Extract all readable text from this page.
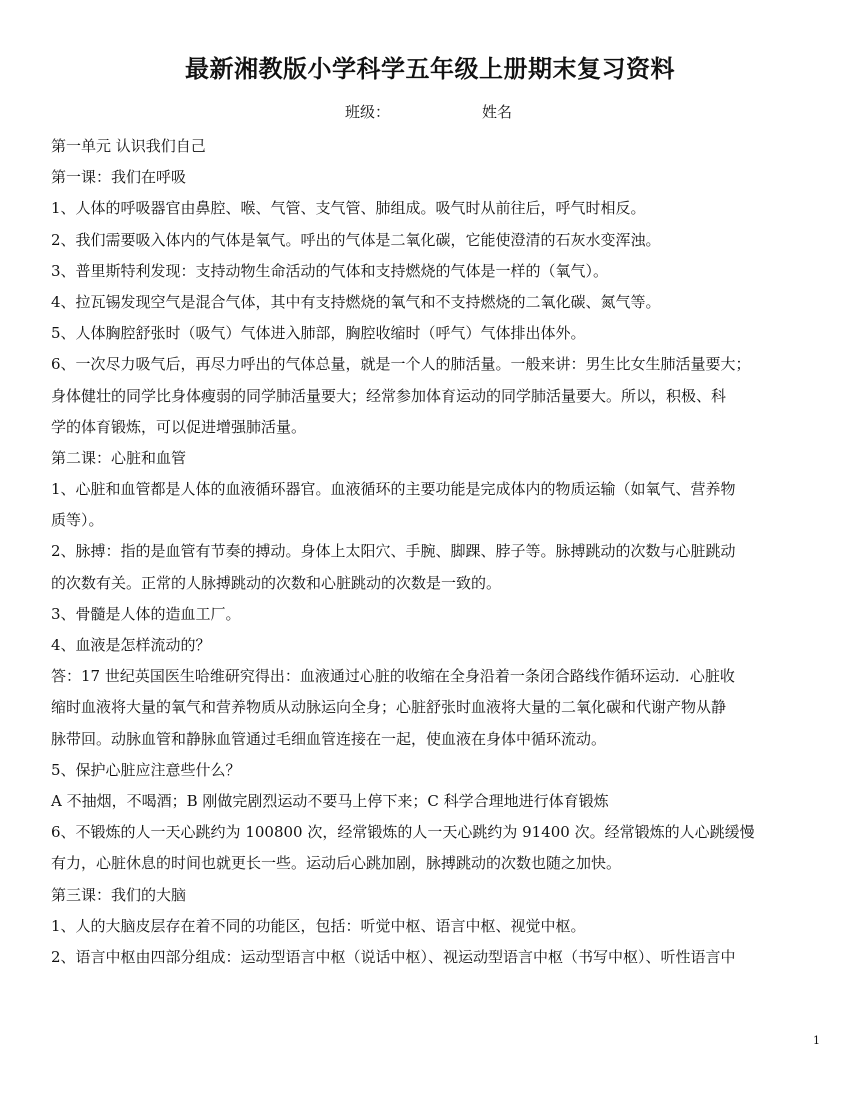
最新湘教版小学科学五年级上册期末复习资料
班级：	姓名
第一单元 认识我们自己
第一课：我们在呼吸
1、人体的呼吸器官由鼻腔、喉、气管、支气管、肺组成。吸气时从前往后，呼气时相反。
2、我们需要吸入体内的气体是氧气。呼出的气体是二氧化碳，它能使澄清的石灰水变浑浊。
3、普里斯特利发现：支持动物生命活动的气体和支持燃烧的气体是一样的（氧气）。
4、拉瓦锡发现空气是混合气体，其中有支持燃烧的氧气和不支持燃烧的二氧化碳、氮气等。
5、人体胸腔舒张时（吸气）气体进入肺部，胸腔收缩时（呼气）气体排出体外。
6、一次尽力吸气后，再尽力呼出的气体总量，就是一个人的肺活量。一般来讲：男生比女生肺活量要大；
身体健壮的同学比身体瘦弱的同学肺活量要大；经常参加体育运动的同学肺活量要大。所以，积极、科
学的体育锻炼，可以促进增强肺活量。
第二课：心脏和血管
1、心脏和血管都是人体的血液循环器官。血液循环的主要功能是完成体内的物质运输（如氧气、营养物
质等）。
2、脉搏：指的是血管有节奏的搏动。身体上太阳穴、手腕、脚踝、脖子等。脉搏跳动的次数与心脏跳动
的次数有关。正常的人脉搏跳动的次数和心脏跳动的次数是一致的。
3、骨髓是人体的造血工厂。
4、血液是怎样流动的？
答：17 世纪英国医生哈维研究得出：血液通过心脏的收缩在全身沿着一条闭合路线作循环运动．心脏收
缩时血液将大量的氧气和营养物质从动脉运向全身；心脏舒张时血液将大量的二氧化碳和代谢产物从静
脉带回。动脉血管和静脉血管通过毛细血管连接在一起，使血液在身体中循环流动。
5、保护心脏应注意些什么？
A 不抽烟，不喝酒；B 刚做完剧烈运动不要马上停下来；C 科学合理地进行体育锻炼
6、不锻炼的人一天心跳约为 100800 次，经常锻炼的人一天心跳约为 91400 次。经常锻炼的人心跳缓慢
有力，心脏休息的时间也就更长一些。运动后心跳加剧，脉搏跳动的次数也随之加快。
第三课：我们的大脑
1、人的大脑皮层存在着不同的功能区，包括：听觉中枢、语言中枢、视觉中枢。
2、语言中枢由四部分组成：运动型语言中枢（说话中枢）、视运动型语言中枢（书写中枢）、听性语言中
1
